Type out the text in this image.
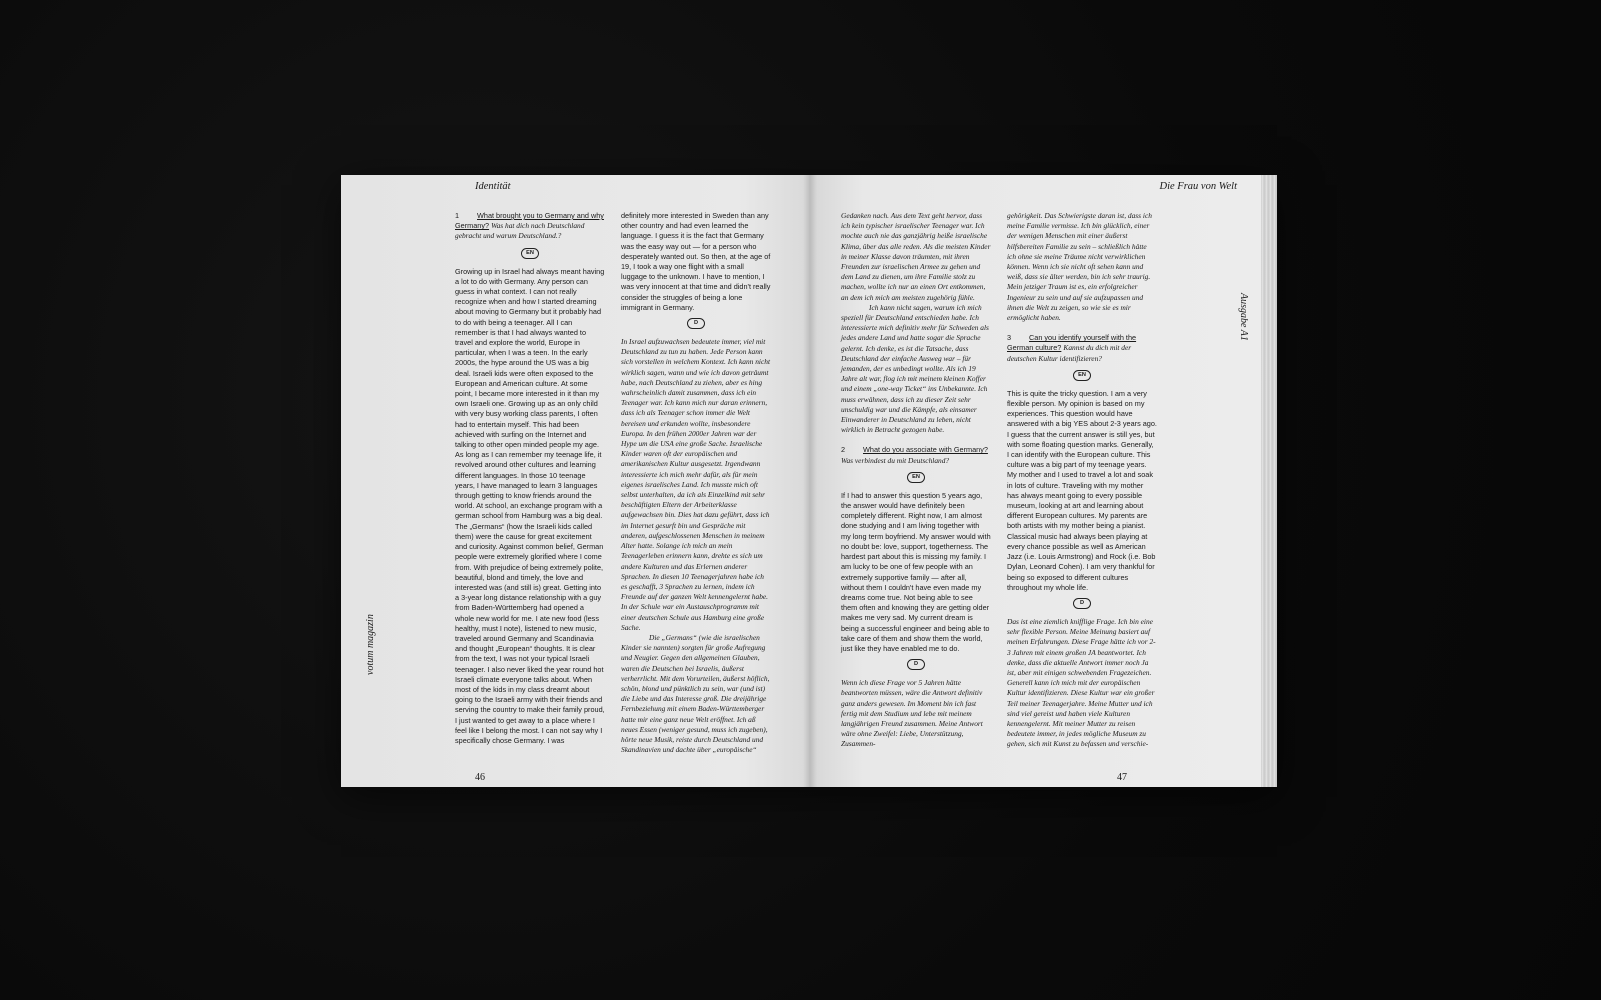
Identität
votum magazin
46
1 What brought you to Germany and why Germany? Was hat dich nach Deutschland gebracht und warum Deutschland.?
EN

Growing up in Israel had always meant having a lot to do with Germany. Any person can guess in what context. I can not really recognize when and how I started dreaming about moving to Germany but it probably had to do with being a teenager. All I can remember is that I had always wanted to travel and explore the world, Europe in particular, when I was a teen. In the early 2000s, the hype around the US was a big deal. Israeli kids were often exposed to the European and American culture. At some point, I became more interested in it than my own Israeli one. Growing up as an only child with very busy working class parents, I often had to entertain myself. This had been achieved with surfing on the Internet and talking to other open minded people my age. As long as I can remember my teenage life, it revolved around other cultures and learning different languages. In those 10 teenage years, I have managed to learn 3 languages through getting to know friends around the world. At school, an exchange program with a german school from Hamburg was a big deal. The „Germans“ (how the Israeli kids called them) were the cause for great excitement and curiosity. Against common belief, German people were extremely glorified where I come from. With prejudice of being extremely polite, beautiful, blond and timely, the love and interested was (and still is) great. Getting into a 3-year long distance relationship with a guy from Baden-Württemberg had opened a whole new world for me. I ate new food (less healthy, must I note), listened to new music, traveled around Germany and Scandinavia and thought „European“ thoughts. It is clear from the text, I was not your typical Israeli teenager. I also never liked the year round hot Israeli climate everyone talks about. When most of the kids in my class dreamt about going to the Israeli army with their friends and serving the country to make their family proud, I just wanted to get away to a place where I feel like I belong the most. I can not say why I specifically chose Germany. I was

definitely more interested in Sweden than any other country and had even learned the language. I guess it is the fact that Germany was the easy way out — for a person who desperately wanted out. So then, at the age of 19, I took a way one flight with a small luggage to the unknown. I have to mention, I was very innocent at that time and didn't really consider the struggles of being a lone immigrant in Germany.

D

In Israel aufzuwachsen bedeutete immer, viel mit Deutschland zu tun zu haben. Jede Person kann sich vorstellen in welchem Kontext. Ich kann nicht wirklich sagen, wann und wie ich davon geträumt habe, nach Deutschland zu ziehen, aber es hing wahrscheinlich damit zusammen, dass ich ein Teenager war. Ich kann mich nur daran erinnern, dass ich als Teenager schon immer die Welt bereisen und erkunden wollte, insbesondere Europa. In den frühen 2000er Jahren war der Hype um die USA eine große Sache. Israelische Kinder waren oft der europäischen und amerikanischen Kultur ausgesetzt. Irgendwann interessierte ich mich mehr dafür, als für mein eigenes israelisches Land. Ich musste mich oft selbst unterhalten, da ich als Einzelkind mit sehr beschäftigten Eltern der Arbeiterklasse aufgewachsen bin. Dies hat dazu geführt, dass ich im Internet gesurft bin und Gespräche mit anderen, aufgeschlossenen Menschen in meinem Alter hatte. Solange ich mich an mein Teenagerleben erinnern kann, drehte es sich um andere Kulturen und das Erlernen anderer Sprachen. In diesen 10 Teenagerjahren habe ich es geschafft, 3 Sprachen zu lernen, indem ich Freunde auf der ganzen Welt kennengelernt habe. In der Schule war ein Austauschprogramm mit einer deutschen Schule aus Hamburg eine große Sache.

Die „Germans“ (wie die israelischen Kinder sie nannten) sorgten für große Aufregung und Neugier. Gegen den allgemeinen Glauben, waren die Deutschen bei Israelis, äußerst verherrlicht. Mit dem Vorurteilen, äußerst höflich, schön, blond und pünktlich zu sein, war (und ist) die Liebe und das Interesse groß. Die dreijährige Fernbeziehung mit einem Baden-Württemberger hatte mir eine ganz neue Welt eröffnet. Ich aß neues Essen (weniger gesund, muss ich zugeben), hörte neue Musik, reiste durch Deutschland und Skandinavien und dachte über „europäische“

Die Frau von Welt
Ausgabe A1
47

Gedanken nach. Aus dem Text geht hervor, dass ich kein typischer israelischer Teenager war. Ich mochte auch nie das ganzjährig heiße israelische Klima, über das alle reden. Als die meisten Kinder in meiner Klasse davon träumten, mit ihren Freunden zur israelischen Armee zu gehen und dem Land zu dienen, um ihre Familie stolz zu machen, wollte ich nur an einen Ort entkommen, an dem ich mich am meisten zugehörig fühle.

Ich kann nicht sagen, warum ich mich speziell für Deutschland entschieden habe. Ich interessierte mich definitiv mehr für Schweden als jedes andere Land und hatte sogar die Sprache gelernt. Ich denke, es ist die Tatsache, dass Deutschland der einfache Ausweg war – für jemanden, der es unbedingt wollte. Als ich 19 Jahre alt war, flog ich mit meinem kleinen Koffer und einem „one-way Ticket“ ins Unbekannte. Ich muss erwähnen, dass ich zu dieser Zeit sehr unschuldig war und die Kämpfe, als einsamer Einwanderer in Deutschland zu leben, nicht wirklich in Betracht gezogen habe.

2 What do you associate with Germany? Was verbindest du mit Deutschland?
EN

If I had to answer this question 5 years ago, the answer would have definitely been completely different. Right now, I am almost done studying and I am living together with my long term boyfriend. My answer would with no doubt be: love, support, togetherness. The hardest part about this is missing my family. I am lucky to be one of few people with an extremely supportive family — after all, without them I couldn't have even made my dreams come true. Not being able to see them often and knowing they are getting older makes me very sad. My current dream is being a successful engineer and being able to take care of them and show them the world, just like they have enabled me to do.

D

Wenn ich diese Frage vor 5 Jahren hätte beantworten müssen, wäre die Antwort definitiv ganz anders gewesen. Im Moment bin ich fast fertig mit dem Studium und lebe mit meinem langjährigen Freund zusammen. Meine Antwort wäre ohne Zweifel: Liebe, Unterstützung, Zusammen-

gehörigkeit. Das Schwierigste daran ist, dass ich meine Familie vermisse. Ich bin glücklich, einer der wenigen Menschen mit einer äußerst hilfsbereiten Familie zu sein – schließlich hätte ich ohne sie meine Träume nicht verwirklichen können. Wenn ich sie nicht oft sehen kann und weiß, dass sie älter werden, bin ich sehr traurig. Mein jetziger Traum ist es, ein erfolgreicher Ingenieur zu sein und auf sie aufzupassen und ihnen die Welt zu zeigen, so wie sie es mir ermöglicht haben.

3 Can you identify yourself with the German culture? Kannst du dich mit der deutschen Kultur identifizieren?
EN

This is quite the tricky question. I am a very flexible person. My opinion is based on my experiences. This question would have answered with a big YES about 2-3 years ago. I guess that the current answer is still yes, but with some floating question marks. Generally, I can identify with the European culture. This culture was a big part of my teenage years. My mother and I used to travel a lot and soak in lots of culture. Traveling with my mother has always meant going to every possible museum, looking at art and learning about different European cultures. My parents are both artists with my mother being a pianist. Classical music had always been playing at every chance possible as well as American Jazz (i.e. Louis Armstrong) and Rock (i.e. Bob Dylan, Leonard Cohen). I am very thankful for being so exposed to different cultures throughout my whole life.

D

Das ist eine ziemlich knifflige Frage. Ich bin eine sehr flexible Person. Meine Meinung basiert auf meinen Erfahrungen. Diese Frage hätte ich vor 2-3 Jahren mit einem großen JA beantwortet. Ich denke, dass die aktuelle Antwort immer noch Ja ist, aber mit einigen schwebenden Fragezeichen. Generell kann ich mich mit der europäischen Kultur identifizieren. Diese Kultur war ein großer Teil meiner Teenagerjahre. Meine Mutter und ich sind viel gereist und haben viele Kulturen kennengelernt. Mit meiner Mutter zu reisen bedeutete immer, in jedes mögliche Museum zu gehen, sich mit Kunst zu befassen und verschie-
